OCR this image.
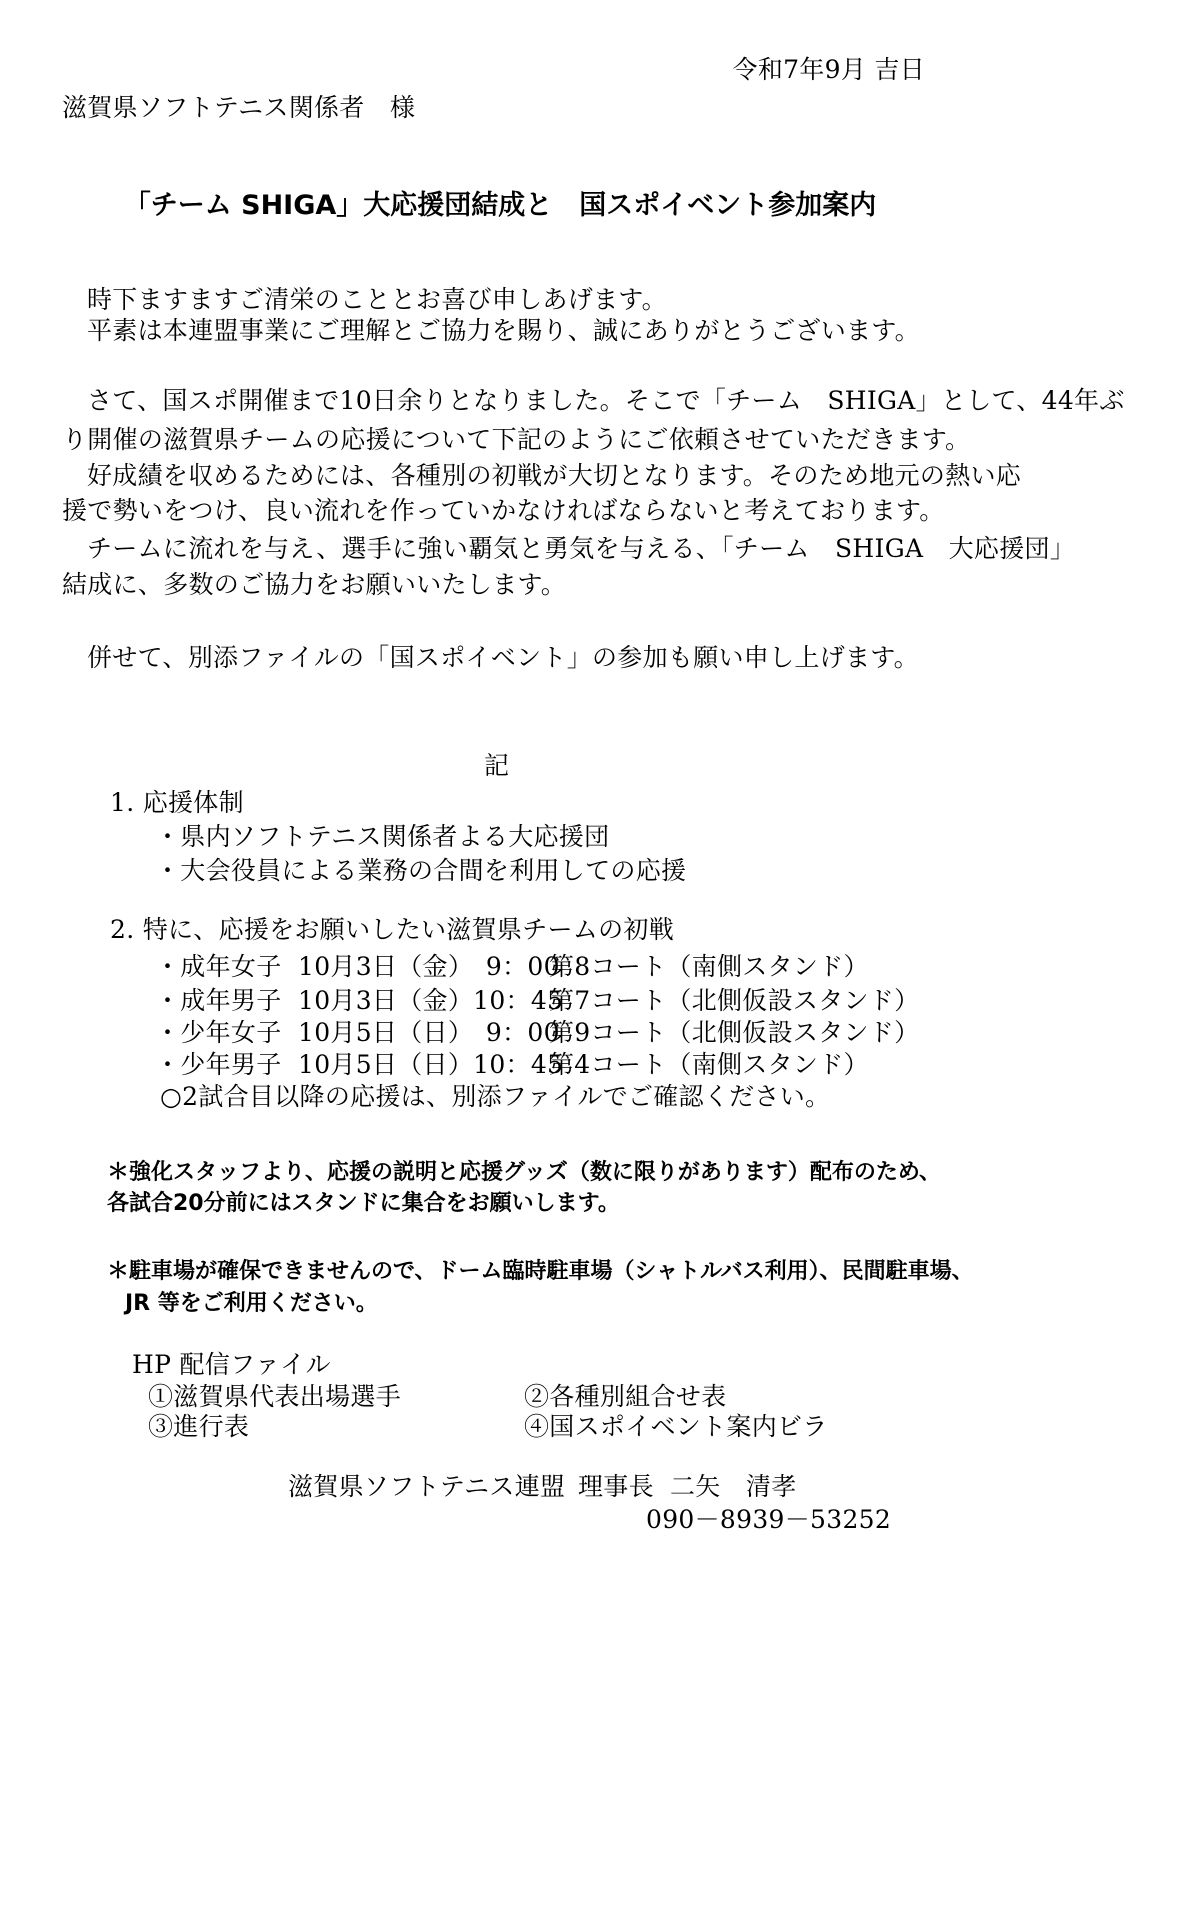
令和7年9月 吉日
滋賀県ソフトテニス関係者　様
「チーム SHIGA」大応援団結成と　国スポイベント参加案内
時下ますますご清栄のこととお喜び申しあげます。
平素は本連盟事業にご理解とご協力を賜り、誠にありがとうございます。
さて、国スポ開催まで10日余りとなりました。そこで「チーム　SHIGA」として、44年ぶ
り開催の滋賀県チームの応援について下記のようにご依頼させていただきます。
好成績を収めるためには、各種別の初戦が大切となります。そのため地元の熱い応
援で勢いをつけ、良い流れを作っていかなければならないと考えております。
チームに流れを与え、選手に強い覇気と勇気を与える、「チーム　SHIGA　大応援団」
結成に、多数のご協力をお願いいたします。
併せて、別添ファイルの「国スポイベント」の参加も願い申し上げます。
記
1. 応援体制
・県内ソフトテニス関係者よる大応援団
・大会役員による業務の合間を利用しての応援
2. 特に、応援をお願いしたい滋賀県チームの初戦
・成年女子 10月3日（金）　9：00
第8コート（南側スタンド）
・成年男子 10月3日（金）10：45
第7コート（北側仮設スタンド）
・少年女子 10月5日（日）　9：00
第9コート（北側仮設スタンド）
・少年男子 10月5日（日）10：45
第4コート（南側スタンド）
○2試合目以降の応援は、別添ファイルでご確認ください。
＊強化スタッフより、応援の説明と応援グッズ（数に限りがあります）配布のため、
各試合20分前にはスタンドに集合をお願いします。
＊駐車場が確保できませんので、ドーム臨時駐車場（シャトルバス利用）、民間駐車場、
JR 等をご利用ください。
HP 配信ファイル
①滋賀県代表出場選手	②各種別組合せ表
③進行表	④国スポイベント案内ビラ
滋賀県ソフトテニス連盟 理事長 二矢　清孝
090－8939－53252
